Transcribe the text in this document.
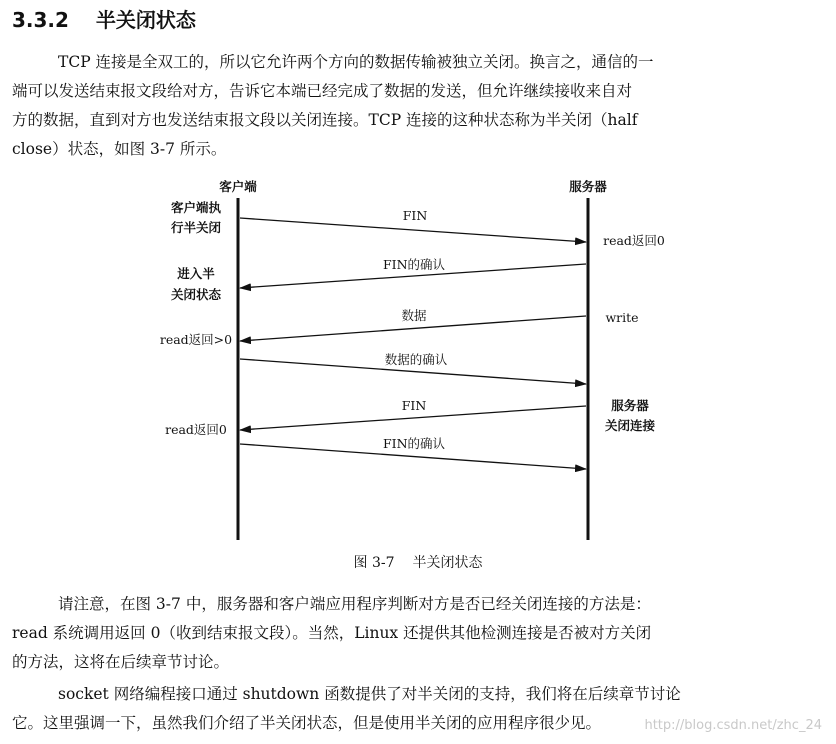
3.3.2 半关闭状态
TCP 连接是全双工的，所以它允许两个方向的数据传输被独立关闭。换言之，通信的一
端可以发送结束报文段给对方，告诉它本端已经完成了数据的发送，但允许继续接收来自对
方的数据，直到对方也发送结束报文段以关闭连接。TCP 连接的这种状态称为半关闭（half
close）状态，如图 3-7 所示。
客户端	服务器
客户端执
行半关闭
进入半
关闭状态
read返回>0
read返回0
read返回0
write
服务器
关闭连接
FIN
FIN的确认
数据
数据的确认
FIN
FIN的确认
图 3-7 半关闭状态
请注意，在图 3-7 中，服务器和客户端应用程序判断对方是否已经关闭连接的方法是：
read 系统调用返回 0（收到结束报文段）。当然，Linux 还提供其他检测连接是否被对方关闭
的方法，这将在后续章节讨论。
socket 网络编程接口通过 shutdown 函数提供了对半关闭的支持，我们将在后续章节讨论
它。这里强调一下，虽然我们介绍了半关闭状态，但是使用半关闭的应用程序很少见。	http://blog.csdn.net/zhc_24
